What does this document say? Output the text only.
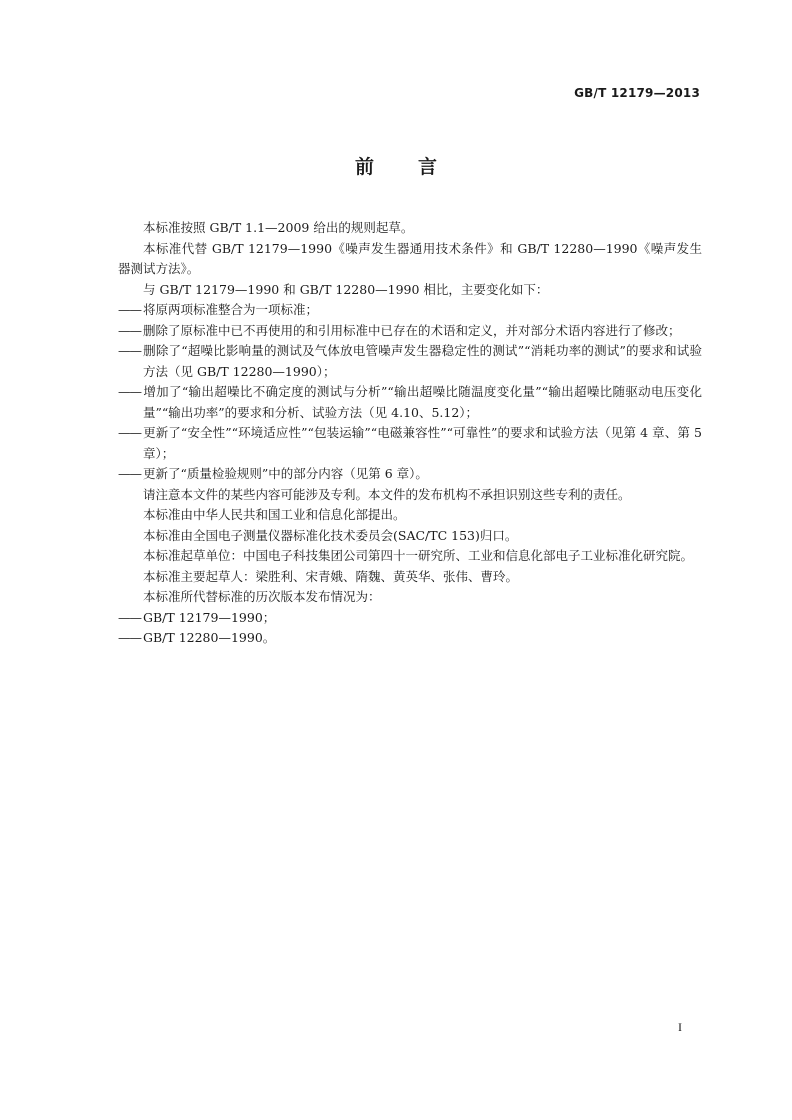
GB/T 12179—2013
前言

本标准按照 GB/T 1.1—2009 给出的规则起草。

本标准代替 GB/T 12179—1990《噪声发生器通用技术条件》和 GB/T 12280—1990《噪声发生器测试方法》。

与 GB/T 12179—1990 和 GB/T 12280—1990 相比，主要变化如下：

—— 将原两项标准整合为一项标准；

—— 删除了原标准中已不再使用的和引用标准中已存在的术语和定义，并对部分术语内容进行了修改；

—— 删除了“超噪比影响量的测试及气体放电管噪声发生器稳定性的测试”“消耗功率的测试”的要求和试验方法（见 GB/T 12280—1990）；

—— 增加了“输出超噪比不确定度的测试与分析”“输出超噪比随温度变化量”“输出超噪比随驱动电压变化量”“输出功率”的要求和分析、试验方法（见 4.10、5.12）；

—— 更新了“安全性”“环境适应性”“包装运输”“电磁兼容性”“可靠性”的要求和试验方法（见第 4 章、第 5 章）；

—— 更新了“质量检验规则”中的部分内容（见第 6 章）。

请注意本文件的某些内容可能涉及专利。本文件的发布机构不承担识别这些专利的责任。

本标准由中华人民共和国工业和信息化部提出。

本标准由全国电子测量仪器标准化技术委员会(SAC/TC 153)归口。

本标准起草单位：中国电子科技集团公司第四十一研究所、工业和信息化部电子工业标准化研究院。

本标准主要起草人：梁胜利、宋青娥、隋魏、黄英华、张伟、曹玲。

本标准所代替标准的历次版本发布情况为：

—— GB/T 12179—1990；

—— GB/T 12280—1990。

I
